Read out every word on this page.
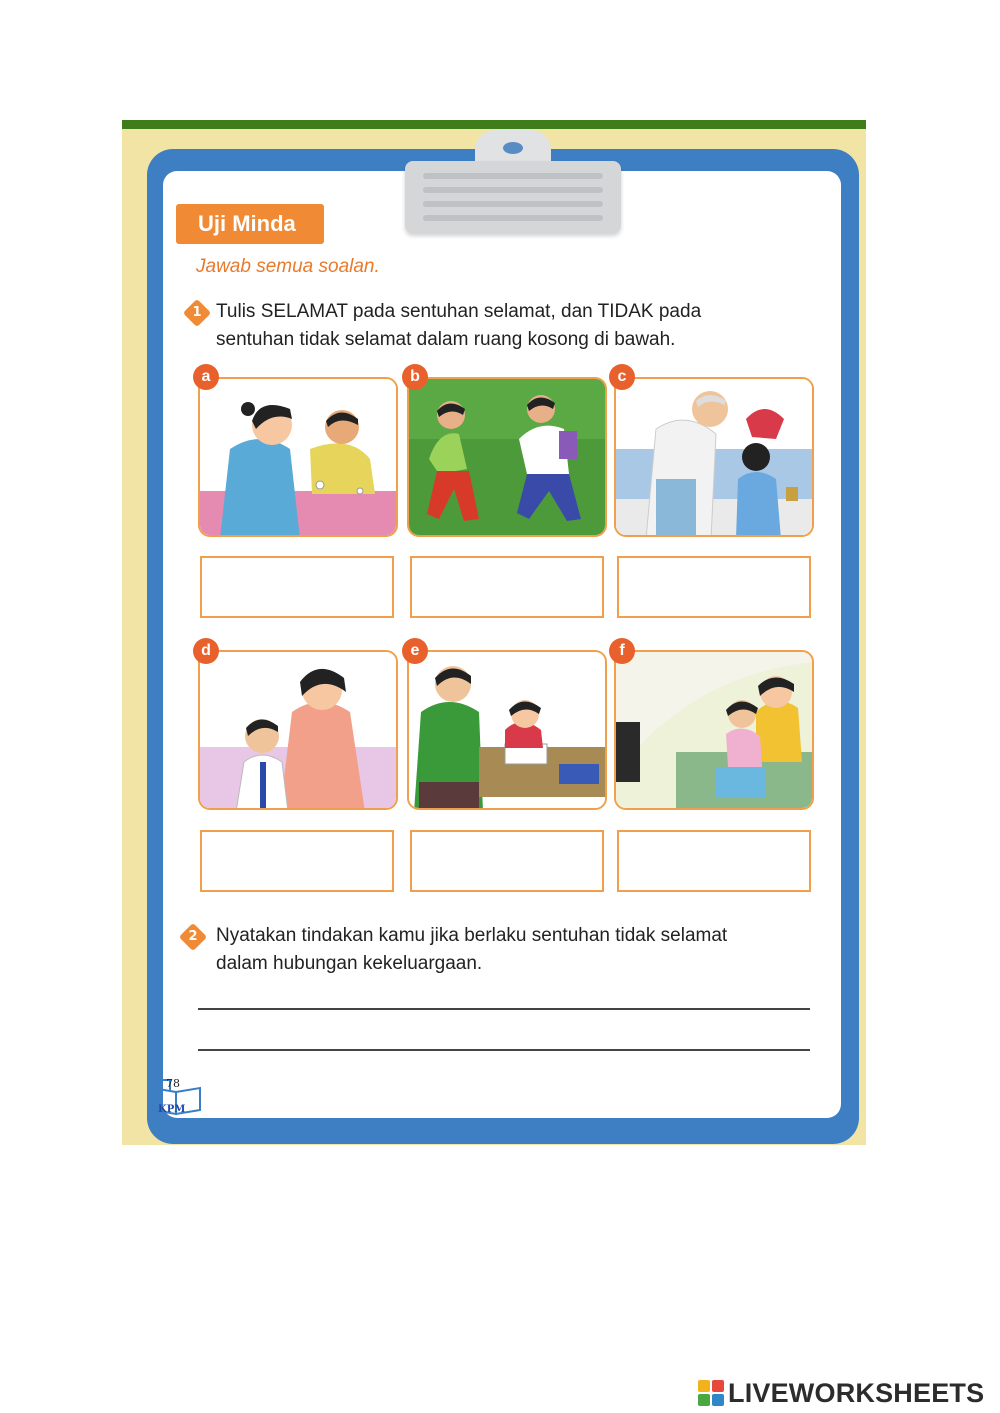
Uji Minda
Jawab semua soalan.
1 Tulis SELAMAT pada sentuhan selamat, dan TIDAK pada
sentuhan tidak selamat dalam ruang kosong di bawah.
a	b	c
d	e	f
2 Nyatakan tindakan kamu jika berlaku sentuhan tidak selamat
dalam hubungan kekeluargaan.
78
KPM
LIVEWORKSHEETS
